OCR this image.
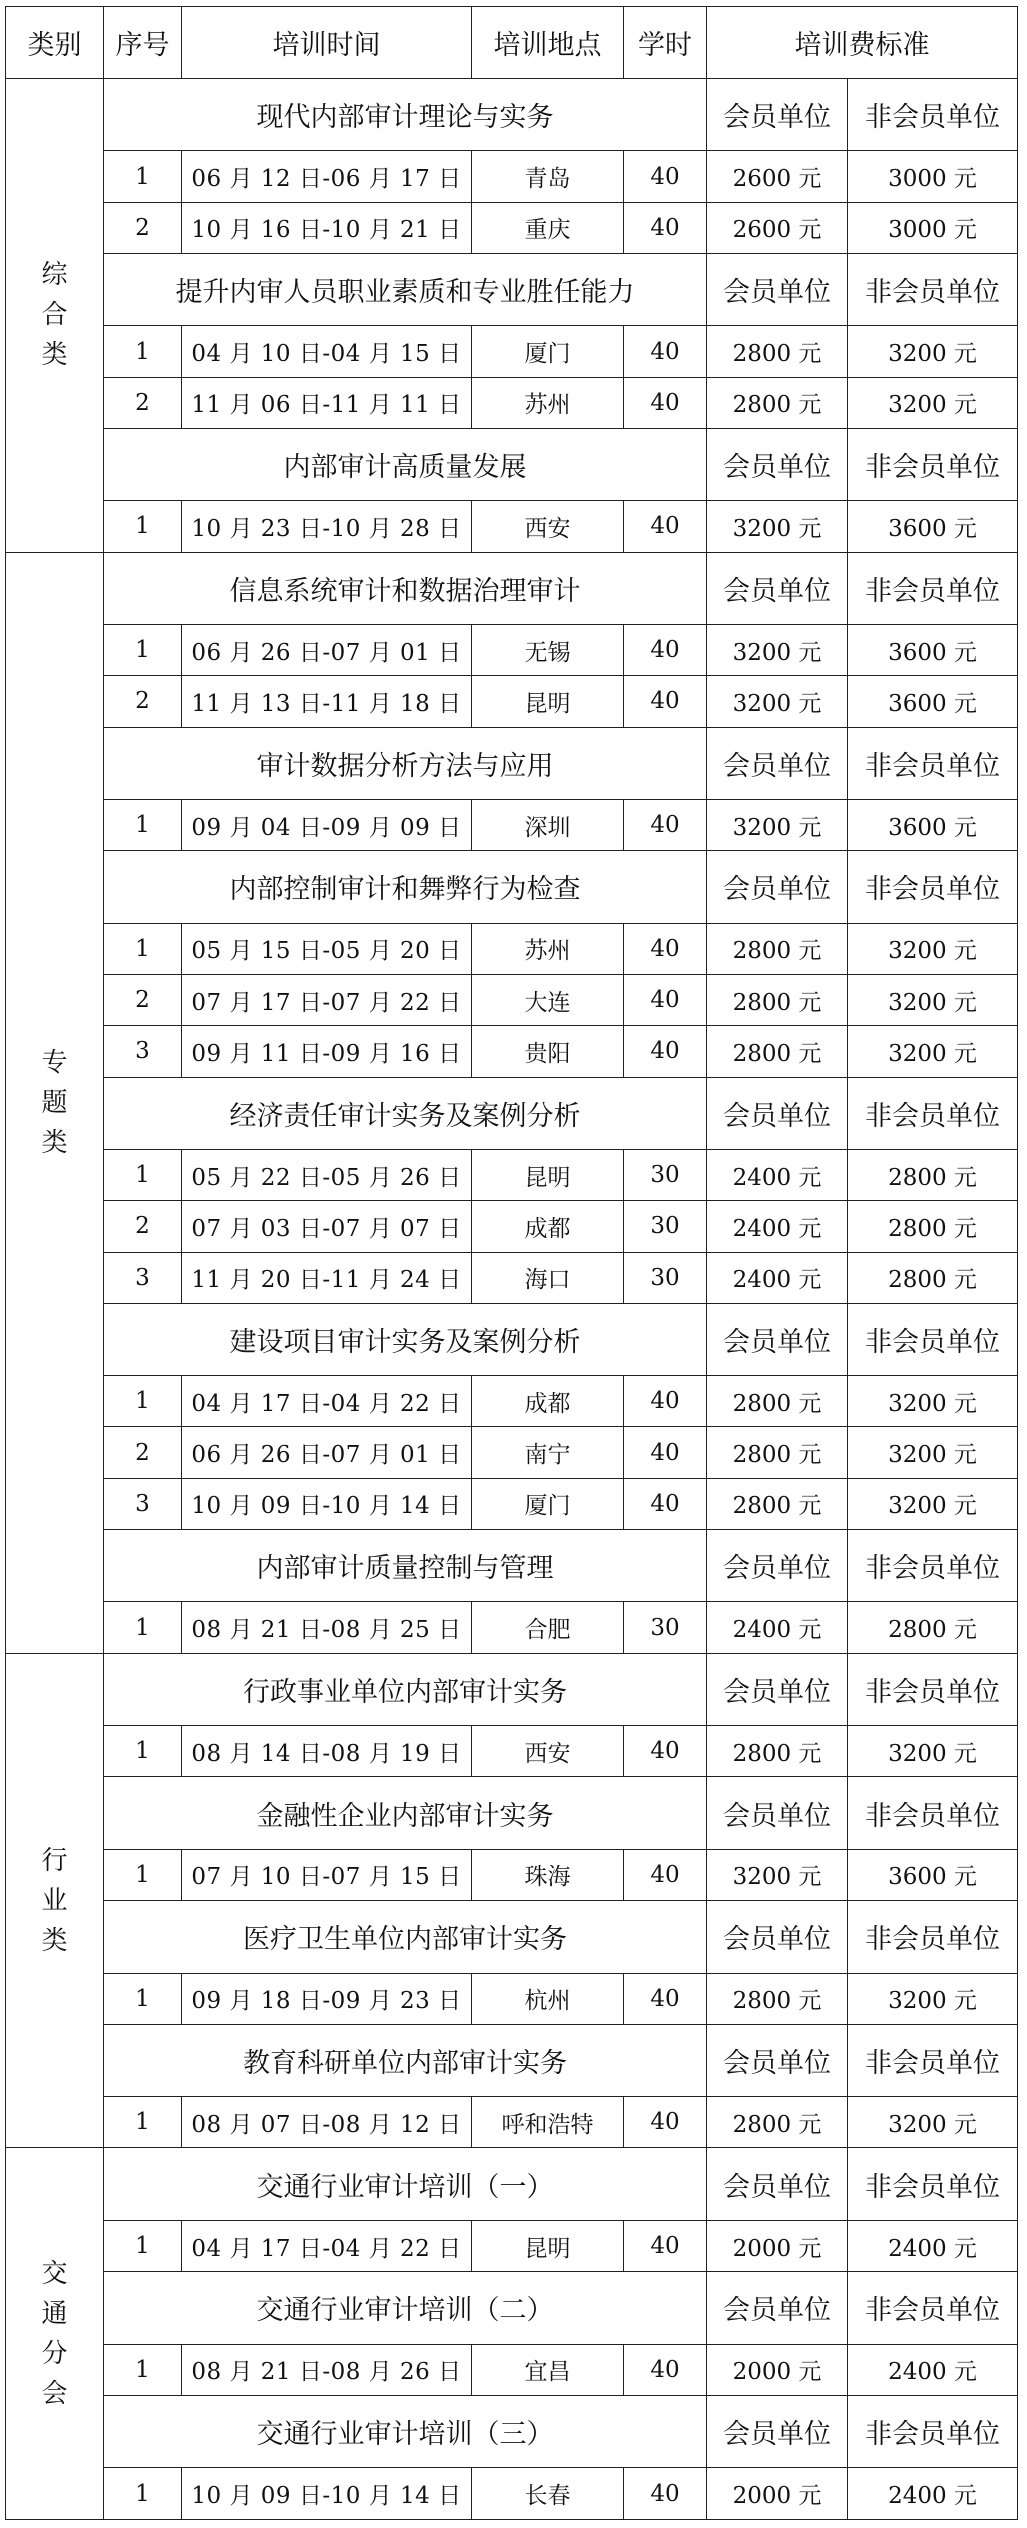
类别	序号	培训时间	培训地点	学时	培训费标准	
综合类	现代内部审计理论与实务				会员单位	非会员单位
	1	06 月 12 日-06 月 17 日	青岛	40	2600 元	3000 元
	2	10 月 16 日-10 月 21 日	重庆	40	2600 元	3000 元
	提升内审人员职业素质和专业胜任能力				会员单位	非会员单位
	1	04 月 10 日-04 月 15 日	厦门	40	2800 元	3200 元
	2	11 月 06 日-11 月 11 日	苏州	40	2800 元	3200 元
	内部审计高质量发展				会员单位	非会员单位
	1	10 月 23 日-10 月 28 日	西安	40	3200 元	3600 元
专题类	信息系统审计和数据治理审计				会员单位	非会员单位
	1	06 月 26 日-07 月 01 日	无锡	40	3200 元	3600 元
	2	11 月 13 日-11 月 18 日	昆明	40	3200 元	3600 元
	审计数据分析方法与应用				会员单位	非会员单位
	1	09 月 04 日-09 月 09 日	深圳	40	3200 元	3600 元
	内部控制审计和舞弊行为检查				会员单位	非会员单位
	1	05 月 15 日-05 月 20 日	苏州	40	2800 元	3200 元
	2	07 月 17 日-07 月 22 日	大连	40	2800 元	3200 元
	3	09 月 11 日-09 月 16 日	贵阳	40	2800 元	3200 元
	经济责任审计实务及案例分析				会员单位	非会员单位
	1	05 月 22 日-05 月 26 日	昆明	30	2400 元	2800 元
	2	07 月 03 日-07 月 07 日	成都	30	2400 元	2800 元
	3	11 月 20 日-11 月 24 日	海口	30	2400 元	2800 元
	建设项目审计实务及案例分析				会员单位	非会员单位
	1	04 月 17 日-04 月 22 日	成都	40	2800 元	3200 元
	2	06 月 26 日-07 月 01 日	南宁	40	2800 元	3200 元
	3	10 月 09 日-10 月 14 日	厦门	40	2800 元	3200 元
	内部审计质量控制与管理				会员单位	非会员单位
	1	08 月 21 日-08 月 25 日	合肥	30	2400 元	2800 元
行业类	行政事业单位内部审计实务				会员单位	非会员单位
	1	08 月 14 日-08 月 19 日	西安	40	2800 元	3200 元
	金融性企业内部审计实务				会员单位	非会员单位
	1	07 月 10 日-07 月 15 日	珠海	40	3200 元	3600 元
	医疗卫生单位内部审计实务				会员单位	非会员单位
	1	09 月 18 日-09 月 23 日	杭州	40	2800 元	3200 元
	教育科研单位内部审计实务				会员单位	非会员单位
	1	08 月 07 日-08 月 12 日	呼和浩特	40	2800 元	3200 元
交通分会	交通行业审计培训（一）				会员单位	非会员单位
	1	04 月 17 日-04 月 22 日	昆明	40	2000 元	2400 元
	交通行业审计培训（二）				会员单位	非会员单位
	1	08 月 21 日-08 月 26 日	宜昌	40	2000 元	2400 元
	交通行业审计培训（三）				会员单位	非会员单位
	1	10 月 09 日-10 月 14 日	长春	40	2000 元	2400 元
